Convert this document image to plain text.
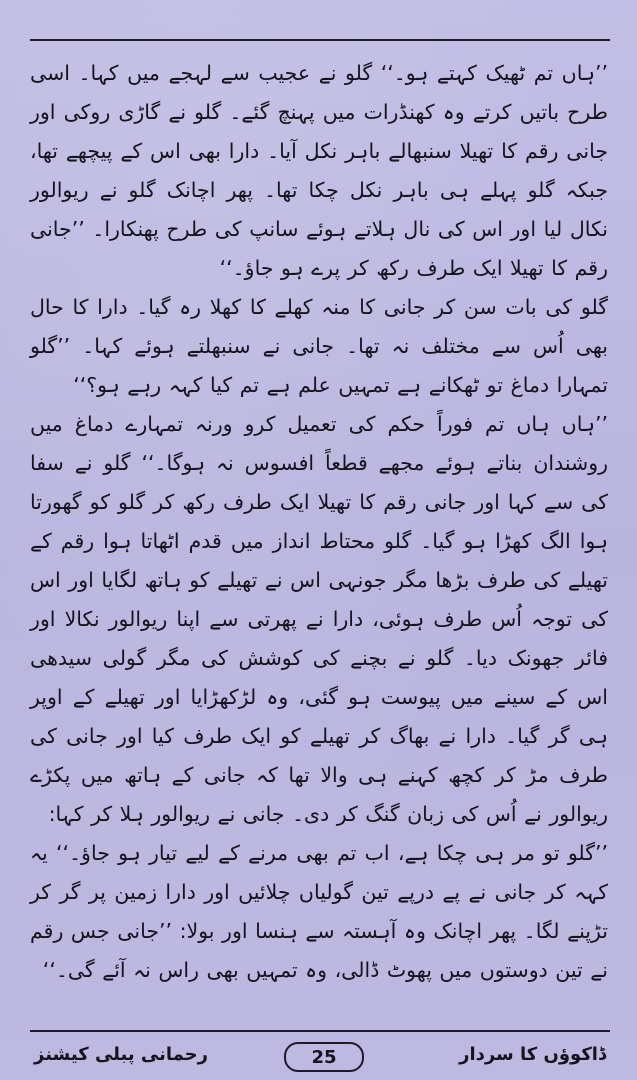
’’ہاں تم ٹھیک کہتے ہو۔‘‘ گلو نے عجیب سے لہجے میں کہا۔ اسی طرح باتیں کرتے وہ کھنڈرات میں پہنچ گئے۔ گلو نے گاڑی روکی اور جانی رقم کا تھیلا سنبھالے باہر نکل آیا۔ دارا بھی اس کے پیچھے تھا، جبکہ گلو پہلے ہی باہر نکل چکا تھا۔ پھر اچانک گلو نے ریوالور نکال لیا اور اس کی نال ہلاتے ہوئے سانپ کی طرح پھنکارا۔ ’’جانی رقم کا تھیلا ایک طرف رکھ کر پرے ہو جاؤ۔‘‘

گلو کی بات سن کر جانی کا منہ کھلے کا کھلا رہ گیا۔ دارا کا حال بھی اُس سے مختلف نہ تھا۔ جانی نے سنبھلتے ہوئے کہا۔ ’’گلو تمہارا دماغ تو ٹھکانے ہے تمہیں علم ہے تم کیا کہہ رہے ہو؟‘‘

’’ہاں ہاں تم فوراً حکم کی تعمیل کرو ورنہ تمہارے دماغ میں روشندان بناتے ہوئے مجھے قطعاً افسوس نہ ہوگا۔‘‘ گلو نے سفا کی سے کہا اور جانی رقم کا تھیلا ایک طرف رکھ کر گلو کو گھورتا ہوا الگ کھڑا ہو گیا۔ گلو محتاط انداز میں قدم اٹھاتا ہوا رقم کے تھیلے کی طرف بڑھا مگر جونہی اس نے تھیلے کو ہاتھ لگایا اور اس کی توجہ اُس طرف ہوئی، دارا نے پھرتی سے اپنا ریوالور نکالا اور فائر جھونک دیا۔ گلو نے بچنے کی کوشش کی مگر گولی سیدھی اس کے سینے میں پیوست ہو گئی، وہ لڑکھڑایا اور تھیلے کے اوپر ہی گر گیا۔ دارا نے بھاگ کر تھیلے کو ایک طرف کیا اور جانی کی طرف مڑ کر کچھ کہنے ہی والا تھا کہ جانی کے ہاتھ میں پکڑے ریوالور نے اُس کی زبان گنگ کر دی۔ جانی نے ریوالور ہلا کر کہا:

’’گلو تو مر ہی چکا ہے، اب تم بھی مرنے کے لیے تیار ہو جاؤ۔‘‘ یہ کہہ کر جانی نے پے درپے تین گولیاں چلائیں اور دارا زمین پر گر کر تڑپنے لگا۔ پھر اچانک وہ آہستہ سے ہنسا اور بولا: ’’جانی جس رقم نے تین دوستوں میں پھوٹ ڈالی، وہ تمہیں بھی راس نہ آئے گی۔‘‘

رحمانی پبلی کیشنز	25	ڈاکوؤں کا سردار
